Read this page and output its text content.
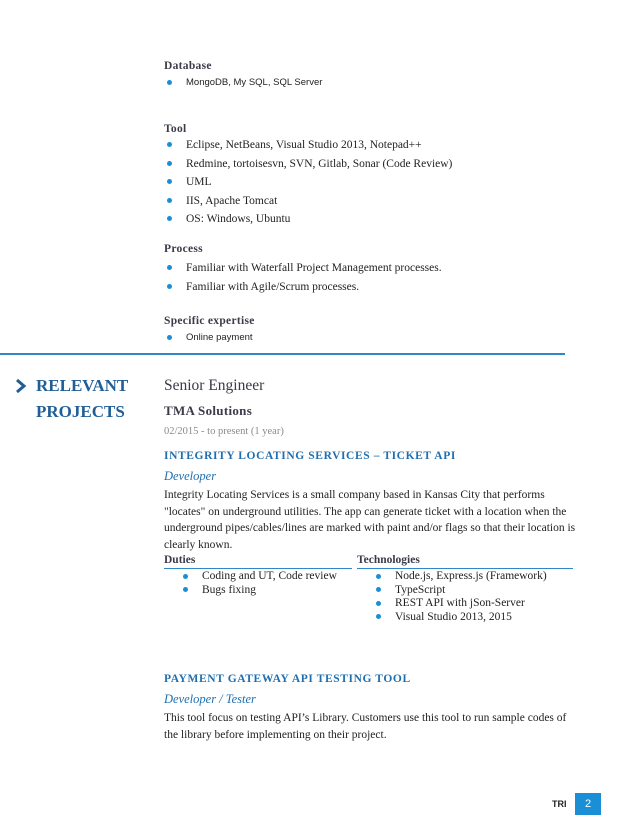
Database
MongoDB, My SQL, SQL Server
Tool
Eclipse, NetBeans, Visual Studio 2013, Notepad++
Redmine, tortoisesvn, SVN, Gitlab, Sonar (Code Review)
UML
IIS, Apache Tomcat
OS: Windows, Ubuntu
Process
Familiar with Waterfall Project Management processes.
Familiar with Agile/Scrum processes.
Specific expertise
Online payment
RELEVANT
PROJECTS
Senior Engineer
TMA Solutions
02/2015 - to present (1 year)
INTEGRITY LOCATING SERVICES – TICKET API
Developer
Integrity Locating Services is a small company based in Kansas City that performs "locates" on underground utilities. The app can generate ticket with a location when the underground pipes/cables/lines are marked with paint and/or flags so that their location is clearly known.
Duties	Technologies
Coding and UT, Code review
Bugs fixing
Node.js, Express.js (Framework)
TypeScript
REST API with jSon-Server
Visual Studio 2013, 2015
PAYMENT GATEWAY API TESTING TOOL
Developer / Tester
This tool focus on testing API’s Library. Customers use this tool to run sample codes of the library before implementing on their project.
TRI	2
